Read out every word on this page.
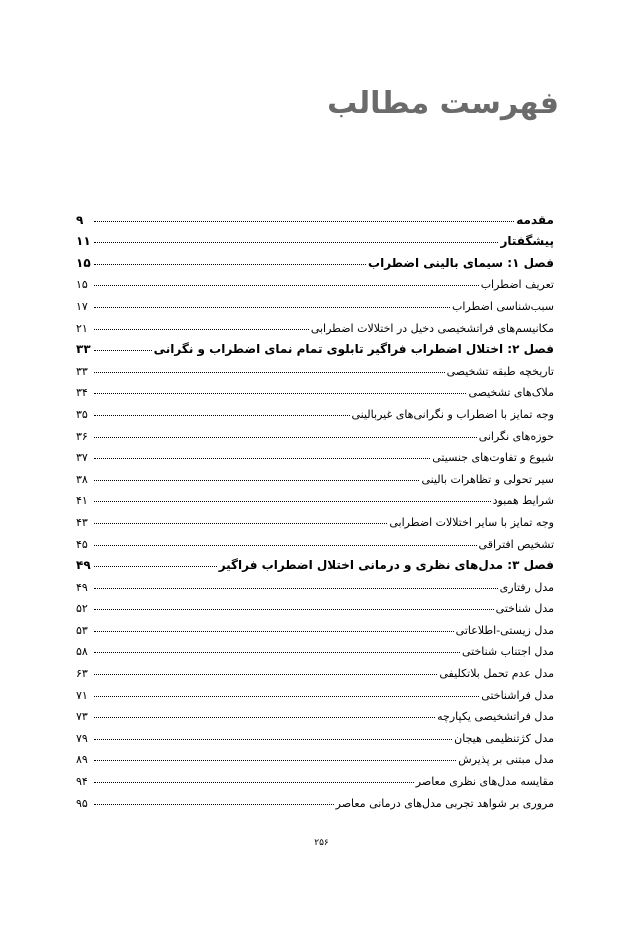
فهرست مطالب
مقدمه
۹
پیشگفتار
۱۱
فصل ۱: سیمای بالینی اضطراب
۱۵
تعریف اضطراب
۱۵
سبب‌شناسی اضطراب
۱۷
مکانیسم‌های فراتشخیصی دخیل در اختلالات اضطرابی
۲۱
فصل ۲: اختلال اضطراب فراگیر تابلوی تمام نمای اضطراب و نگرانی
۳۳
تاریخچه طبقه تشخیصی
۳۳
ملاک‌های تشخیصی
۳۴
وجه تمایز با اضطراب و نگرانی‌های غیربالینی
۳۵
حوزه‌های نگرانی
۳۶
شیوع و تفاوت‌های جنسیتی
۳۷
سیر تحولی و تظاهرات بالینی
۳۸
شرایط همبود
۴۱
وجه تمایز با سایر اختلالات اضطرابی
۴۳
تشخیص افتراقی
۴۵
فصل ۳: مدل‌های نظری و درمانی اختلال اضطراب فراگیر
۴۹
مدل رفتاری
۴۹
مدل شناختی
۵۲
مدل زیستی-اطلاعاتی
۵۳
مدل اجتناب شناختی
۵۸
مدل عدم تحمل بلاتکلیفی
۶۳
مدل فراشناختی
۷۱
مدل فراتشخیصی یکپارچه
۷۳
مدل کژتنظیمی هیجان
۷۹
مدل مبتنی بر پذیرش
۸۹
مقایسه مدل‌های نظری معاصر
۹۴
مروری بر شواهد تجربی مدل‌های درمانی معاصر
۹۵
۲۵۶
